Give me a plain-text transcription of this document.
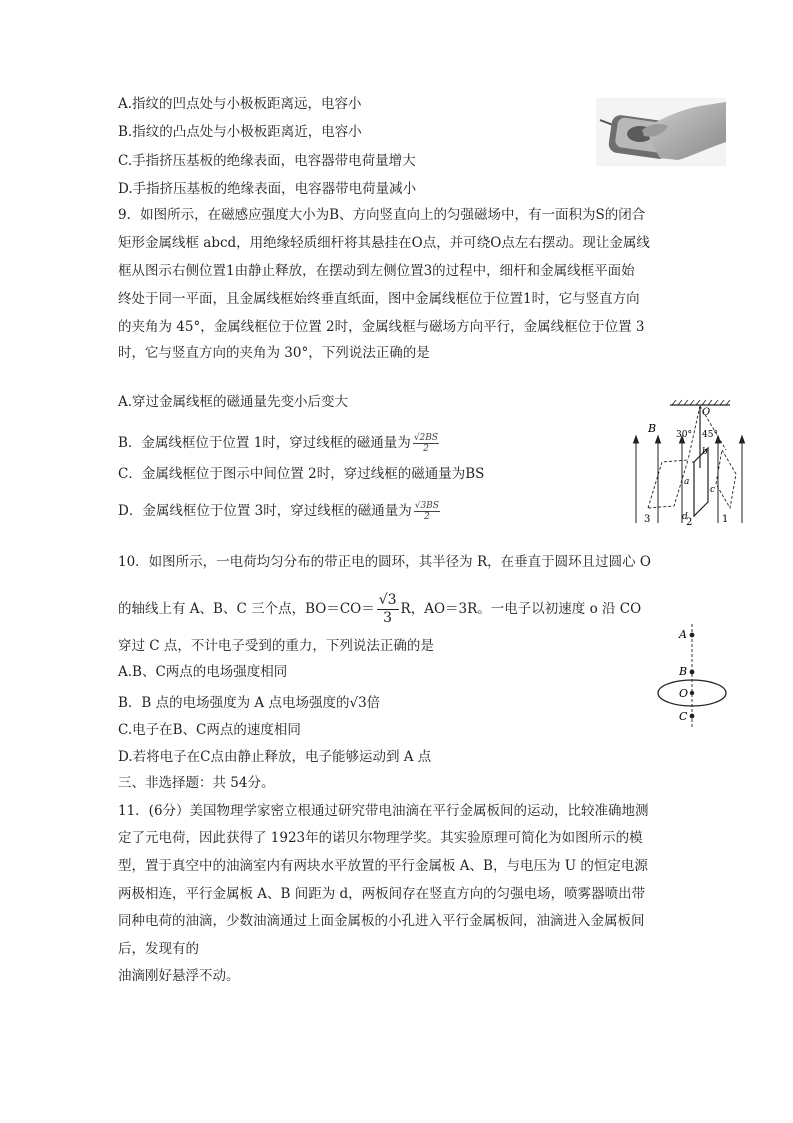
A.指纹的凹点处与小极板距离远，电容小
B.指纹的凸点处与小极板距离近，电容小
C.手指挤压基板的绝缘表面，电容器带电荷量增大
D.手指挤压基板的绝缘表面，电容器带电荷量减小
9．如图所示，在磁感应强度大小为B、方向竖直向上的匀强磁场中，有一面积为S的闭合
矩形金属线框 abcd，用绝缘轻质细杆将其悬挂在O点，并可绕O点左右摆动。现让金属线
框从图示右侧位置1由静止释放，在摆动到左侧位置3的过程中，细杆和金属线框平面始
终处于同一平面，且金属线框始终垂直纸面，图中金属线框位于位置1时，它与竖直方向
的夹角为 45°，金属线框位于位置 2时，金属线框与磁场方向平行，金属线框位于位置 3
时，它与竖直方向的夹角为 30°，下列说法正确的是
A.穿过金属线框的磁通量先变小后变大
B．金属线框位于位置 1时，穿过线框的磁通量为 $\frac{√2BS}{2}$
C．金属线框位于图示中间位置 2时，穿过线框的磁通量为BS
D．金属线框位于位置 3时，穿过线框的磁通量为 $\frac{√3BS}{2}$
O
B 30° 45°
a
b
c
d
3	2	1
10．如图所示，一电荷均匀分布的带正电的圆环，其半径为 R，在垂直于圆环且过圆心 O
的轴线上有 A、B、C 三个点，$BO=CO= \frac{√3}{3}$ R，AO＝3R。一电子以初速度 o 沿 CO
穿过 C 点，不计电子受到的重力，下列说法正确的是
A.B、C两点的电场强度相同
B．B 点的电场强度为 A 点电场强度的√3倍
C.电子在B、C两点的速度相同
D.若将电子在C点由静止释放，电子能够运动到 A 点
A
B
O
C
三、非选择题：共 54分。
11．(6分）美国物理学家密立根通过研究带电油滴在平行金属板间的运动，比较准确地测
定了元电荷，因此获得了 1923年的诺贝尔物理学奖。其实验原理可简化为如图所示的模
型，置于真空中的油滴室内有两块水平放置的平行金属板 A、B，与电压为 U 的恒定电源
两极相连，平行金属板 A、B 间距为 d，两板间存在竖直方向的匀强电场，喷雾器喷出带
同种电荷的油滴，少数油滴通过上面金属板的小孔进入平行金属板间，油滴进入金属板间
后，发现有的
油滴刚好悬浮不动。
